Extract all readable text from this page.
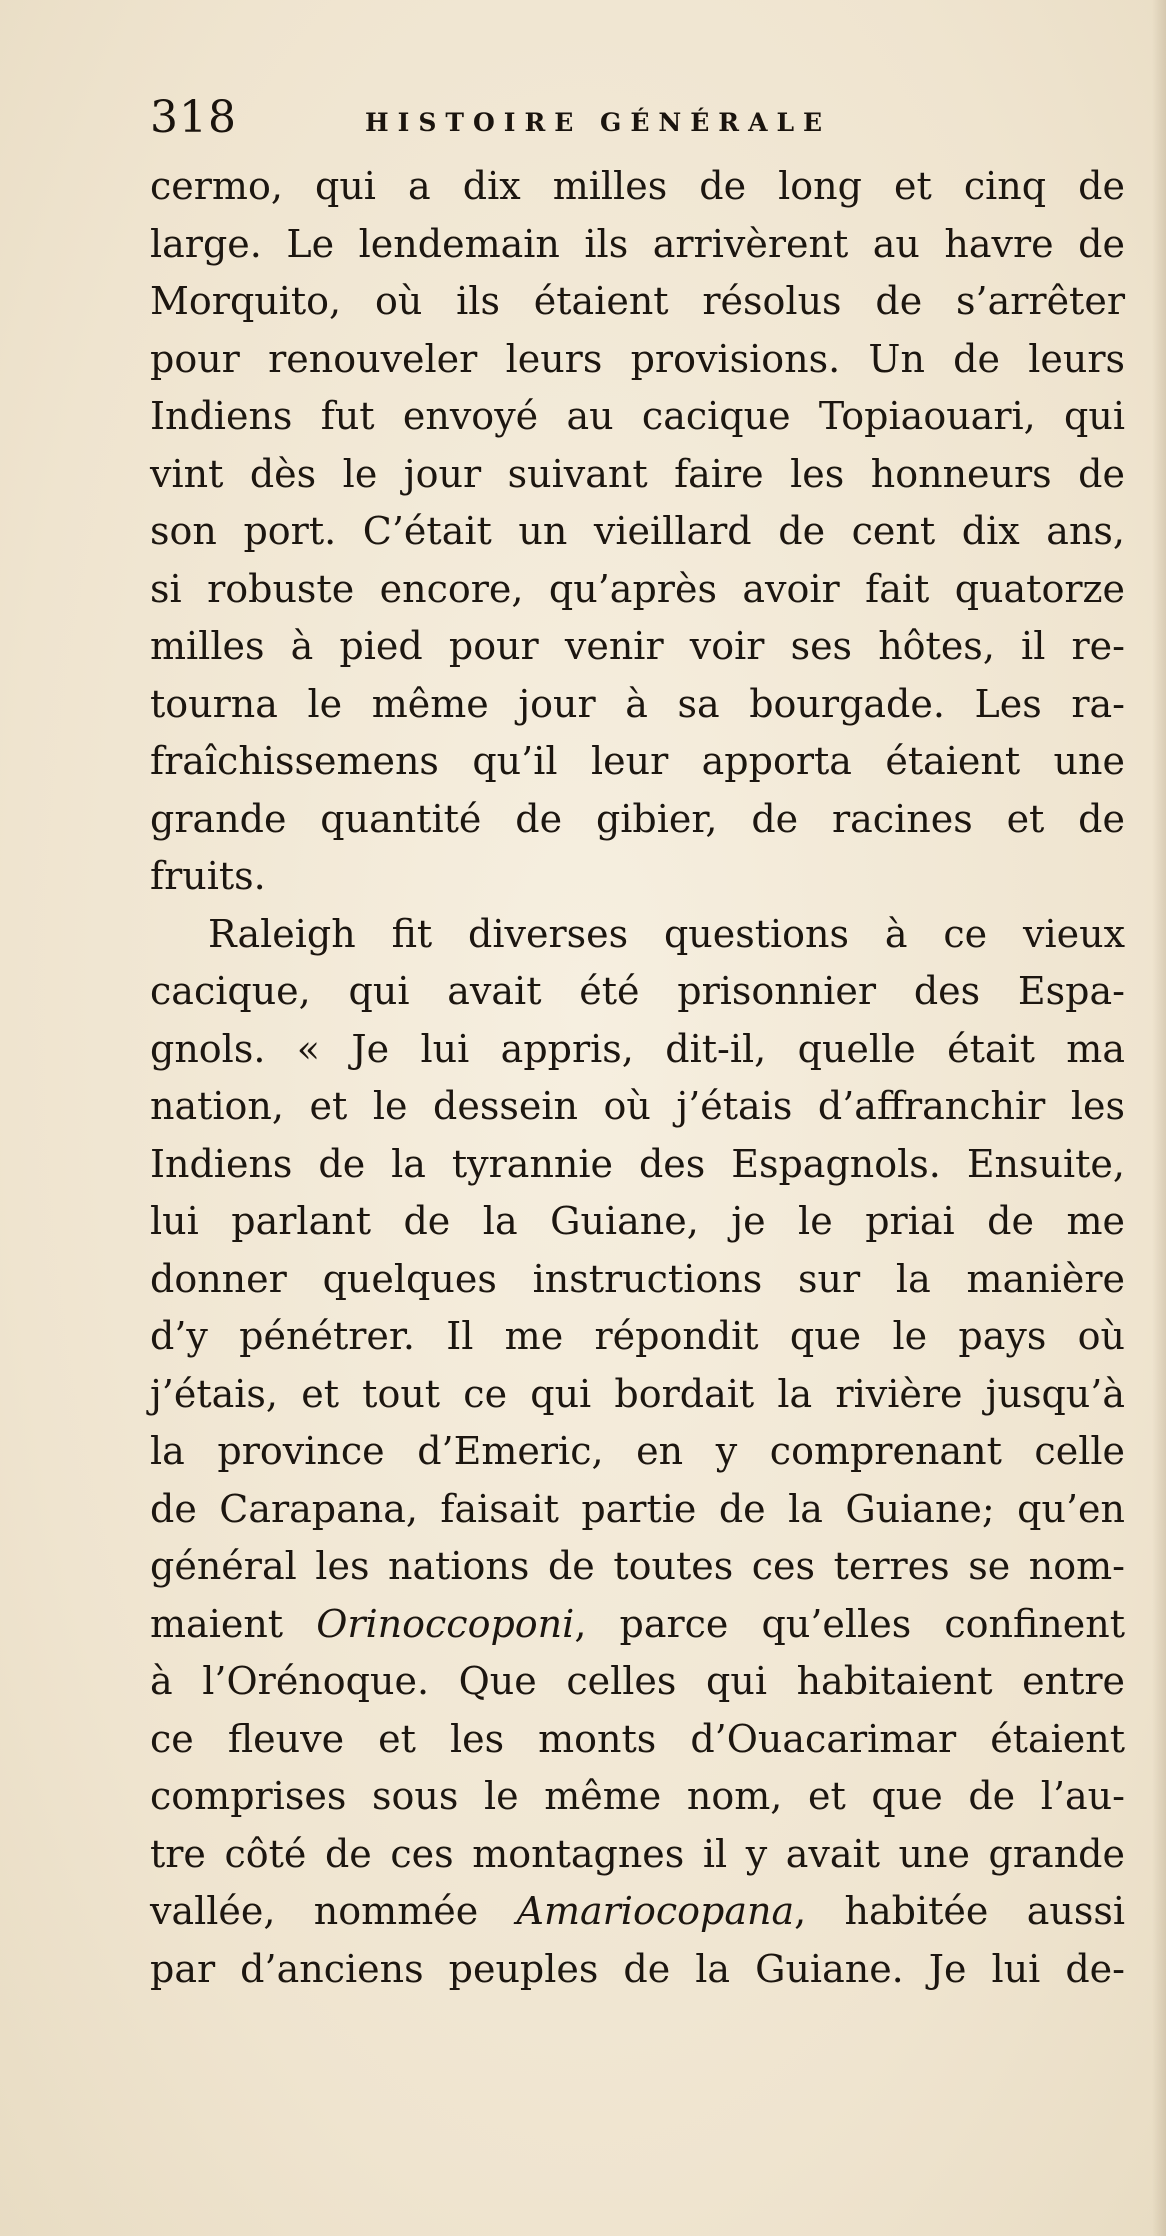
318	HISTOIRE GÉNÉRALE
cermo, qui a dix milles de long et cinq de
large. Le lendemain ils arrivèrent au havre de
Morquito, où ils étaient résolus de s’arrêter
pour renouveler leurs provisions. Un de leurs
Indiens fut envoyé au cacique Topiaouari, qui
vint dès le jour suivant faire les honneurs de
son port. C’était un vieillard de cent dix ans,
si robuste encore, qu’après avoir fait quatorze
milles à pied pour venir voir ses hôtes, il re-
tourna le même jour à sa bourgade. Les ra-
fraîchissemens qu’il leur apporta étaient une
grande quantité de gibier, de racines et de
fruits.
Raleigh fit diverses questions à ce vieux
cacique, qui avait été prisonnier des Espa-
gnols. « Je lui appris, dit-il, quelle était ma
nation, et le dessein où j’étais d’affranchir les
Indiens de la tyrannie des Espagnols. Ensuite,
lui parlant de la Guiane, je le priai de me
donner quelques instructions sur la manière
d’y pénétrer. Il me répondit que le pays où
j’étais, et tout ce qui bordait la rivière jusqu’à
la province d’Emeric, en y comprenant celle
de Carapana, faisait partie de la Guiane; qu’en
général les nations de toutes ces terres se nom-
maient Orinoccoponi, parce qu’elles confinent
à l’Orénoque. Que celles qui habitaient entre
ce fleuve et les monts d’Ouacarimar étaient
comprises sous le même nom, et que de l’au-
tre côté de ces montagnes il y avait une grande
vallée, nommée Amariocopana, habitée aussi
par d’anciens peuples de la Guiane. Je lui de-
